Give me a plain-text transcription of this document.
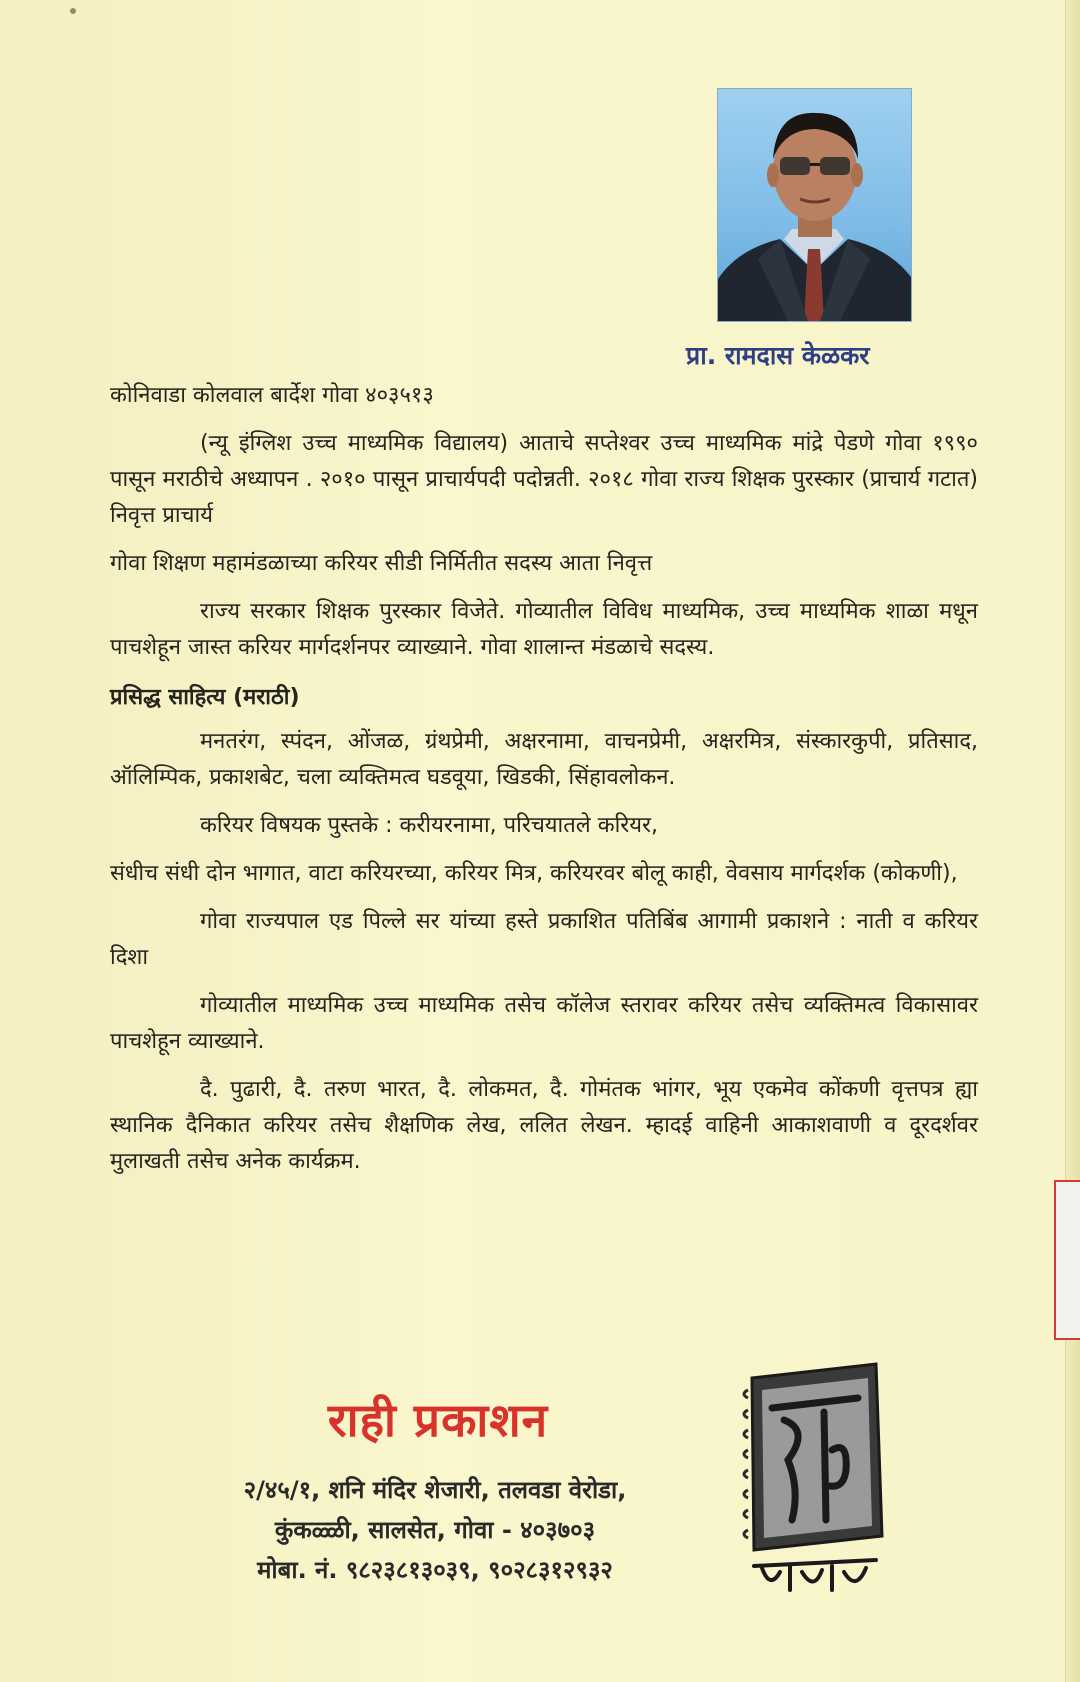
प्रा. रामदास केळकर

कोनिवाडा कोलवाल बार्देश गोवा ४०३५१३

(न्यू इंग्लिश उच्च माध्यमिक विद्यालय) आताचे सप्तेश्वर उच्च माध्यमिक मांद्रे पेडणे गोवा १९९० पासून मराठीचे अध्यापन . २०१० पासून प्राचार्यपदी पदोन्नती. २०१८ गोवा राज्य शिक्षक पुरस्कार (प्राचार्य गटात) निवृत्त प्राचार्य

गोवा शिक्षण महामंडळाच्या करियर सीडी निर्मितीत सदस्य आता निवृत्त

राज्य सरकार शिक्षक पुरस्कार विजेते. गोव्यातील विविध माध्यमिक, उच्च माध्यमिक शाळा मधून पाचशेहून जास्त करियर मार्गदर्शनपर व्याख्याने. गोवा शालान्त मंडळाचे सदस्य.

प्रसिद्ध साहित्य (मराठी)

मनतरंग, स्पंदन, ओंजळ, ग्रंथप्रेमी, अक्षरनामा, वाचनप्रेमी, अक्षरमित्र, संस्कारकुपी, प्रतिसाद, ऑलिम्पिक, प्रकाशबेट, चला व्यक्तिमत्व घडवूया, खिडकी, सिंहावलोकन.

करियर विषयक पुस्तके : करीयरनामा, परिचयातले करियर,

संधीच संधी दोन भागात, वाटा करियरच्या, करियर मित्र, करियरवर बोलू काही, वेवसाय मार्गदर्शक (कोकणी),

गोवा राज्यपाल एड पिल्ले सर यांच्या हस्ते प्रकाशित पतिबिंब आगामी प्रकाशने : नाती व करियर दिशा

गोव्यातील माध्यमिक उच्च माध्यमिक तसेच कॉलेज स्तरावर करियर तसेच व्यक्तिमत्व विकासावर पाचशेहून व्याख्याने.

दै. पुढारी, दै. तरुण भारत, दै. लोकमत, दै. गोमंतक भांगर, भूय एकमेव कोंकणी वृत्तपत्र ह्या स्थानिक दैनिकात करियर तसेच शैक्षणिक लेख, ललित लेखन. म्हादई वाहिनी आकाशवाणी व दूरदर्शवर मुलाखती तसेच अनेक कार्यक्रम.

राही प्रकाशन
२/४५/१, शनि मंदिर शेजारी, तलवडा वेरोडा,
कुंकळ्ळी, सालसेत, गोवा - ४०३७०३
मोबा. नं. ९८२३८१३०३९, ९०२८३१२९३२
